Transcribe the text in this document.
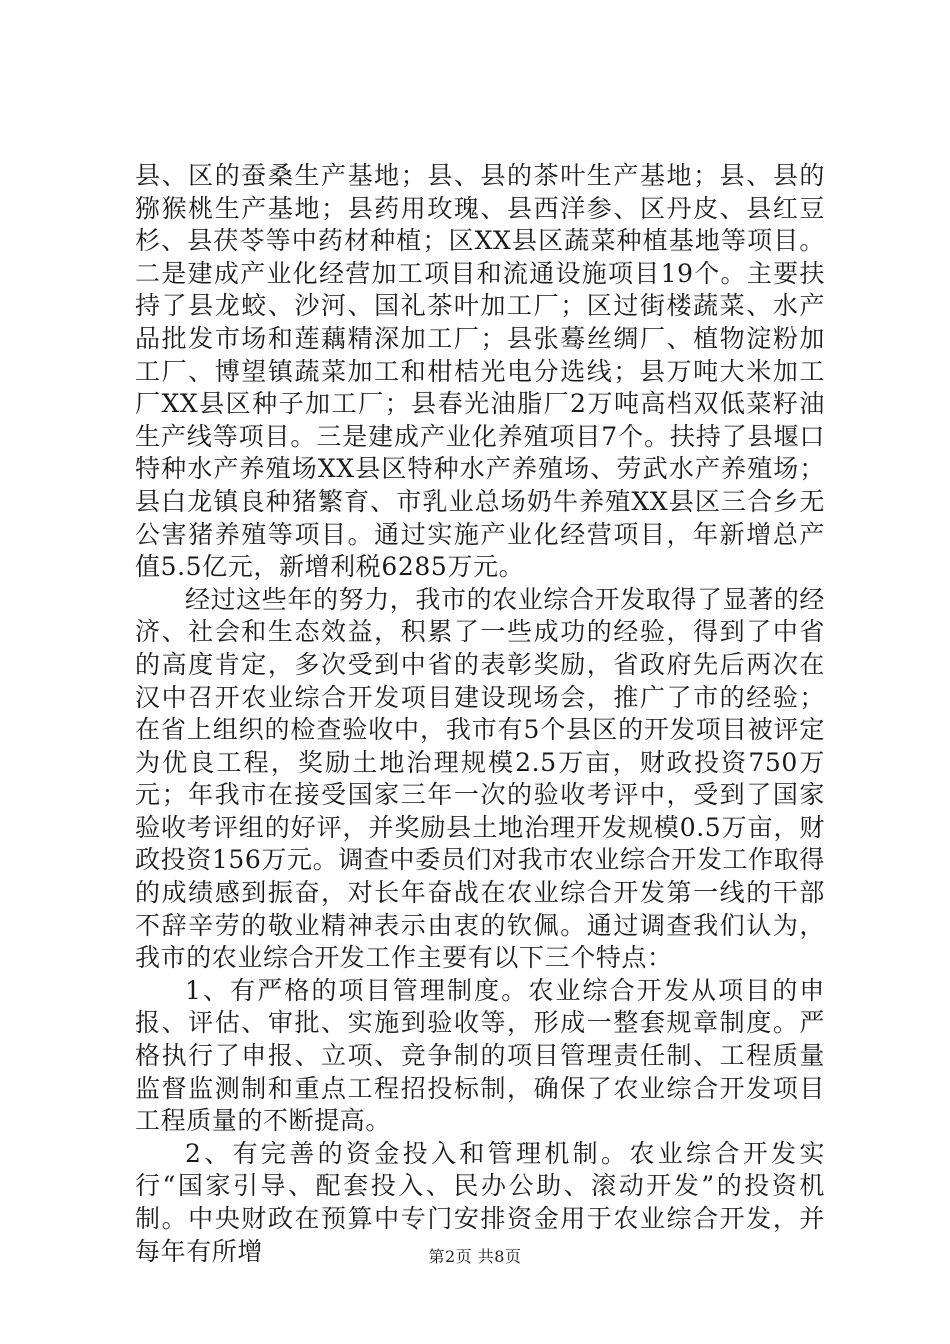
县、区的蚕桑生产基地；县、县的茶叶生产基地；县、县的猕猴桃生产基地；县药用玫瑰、县西洋参、区丹皮、县红豆杉、县茯苓等中药材种植；区XX县区蔬菜种植基地等项目。二是建成产业化经营加工项目和流通设施项目19个。主要扶持了县龙蛟、沙河、国礼茶叶加工厂；区过街楼蔬菜、水产品批发市场和莲藕精深加工厂；县张蓦丝绸厂、植物淀粉加工厂、博望镇蔬菜加工和柑桔光电分选线；县万吨大米加工厂XX县区种子加工厂；县春光油脂厂2万吨高档双低菜籽油生产线等项目。三是建成产业化养殖项目7个。扶持了县堰口特种水产养殖场XX县区特种水产养殖场、劳武水产养殖场；县白龙镇良种猪繁育、市乳业总场奶牛养殖XX县区三合乡无公害猪养殖等项目。通过实施产业化经营项目，年新增总产值5.5亿元，新增利税6285万元。

经过这些年的努力，我市的农业综合开发取得了显著的经济、社会和生态效益，积累了一些成功的经验，得到了中省的高度肯定，多次受到中省的表彰奖励，省政府先后两次在汉中召开农业综合开发项目建设现场会，推广了市的经验；在省上组织的检查验收中，我市有5个县区的开发项目被评定为优良工程，奖励土地治理规模2.5万亩，财政投资750万元；年我市在接受国家三年一次的验收考评中，受到了国家验收考评组的好评，并奖励县土地治理开发规模0.5万亩，财政投资156万元。调查中委员们对我市农业综合开发工作取得的成绩感到振奋，对长年奋战在农业综合开发第一线的干部不辞辛劳的敬业精神表示由衷的钦佩。通过调查我们认为，我市的农业综合开发工作主要有以下三个特点：

1、有严格的项目管理制度。农业综合开发从项目的申报、评估、审批、实施到验收等，形成一整套规章制度。严格执行了申报、立项、竞争制的项目管理责任制、工程质量监督监测制和重点工程招投标制，确保了农业综合开发项目工程质量的不断提高。

2、有完善的资金投入和管理机制。农业综合开发实行“国家引导、配套投入、民办公助、滚动开发”的投资机制。中央财政在预算中专门安排资金用于农业综合开发，并每年有所增	第2页 共8页
